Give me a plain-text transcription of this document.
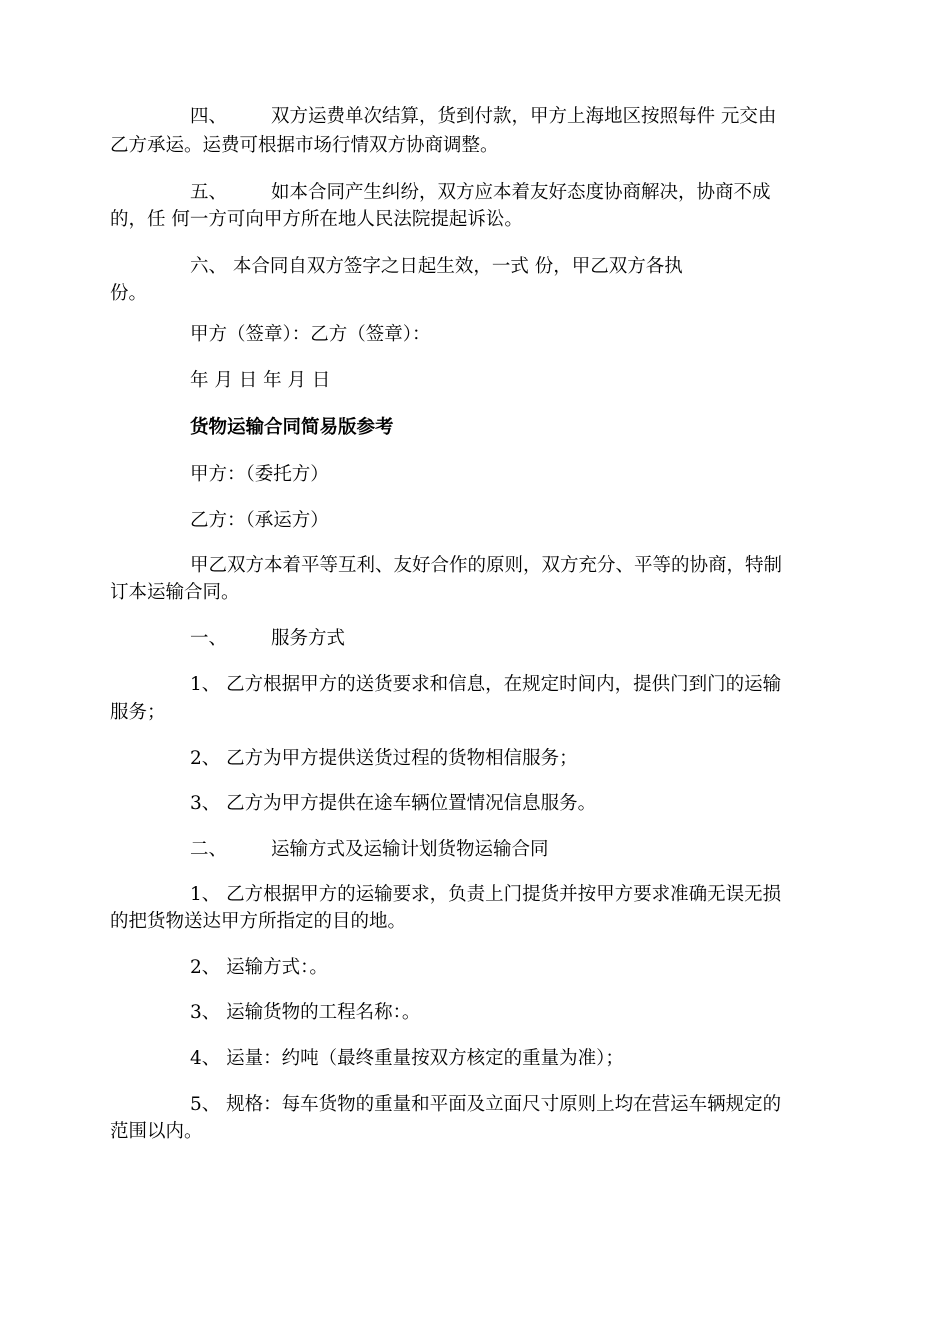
四、 双方运费单次结算，货到付款，甲方上海地区按照每件 元交由

乙方承运。运费可根据市场行情双方协商调整。

五、 如本合同产生纠纷，双方应本着友好态度协商解决，协商不成

的，任 何一方可向甲方所在地人民法院提起诉讼。

六、 本合同自双方签字之日起生效，一式 份，甲乙双方各执

份。

甲方（签章）：乙方（签章）：

年 月 日 年 月 日

货物运输合同简易版参考

甲方：（委托方）

乙方：（承运方）

甲乙双方本着平等互利、友好合作的原则，双方充分、平等的协商，特制

订本运输合同。

一、 服务方式

1、 乙方根据甲方的送货要求和信息，在规定时间内，提供门到门的运输

服务；

2、 乙方为甲方提供送货过程的货物相信服务；

3、 乙方为甲方提供在途车辆位置情况信息服务。

二、 运输方式及运输计划货物运输合同

1、 乙方根据甲方的运输要求，负责上门提货并按甲方要求准确无误无损

的把货物送达甲方所指定的目的地。

2、 运输方式：。

3、 运输货物的工程名称：。

4、 运量：约吨（最终重量按双方核定的重量为准）；

5、 规格：每车货物的重量和平面及立面尺寸原则上均在营运车辆规定的

范围以内。
